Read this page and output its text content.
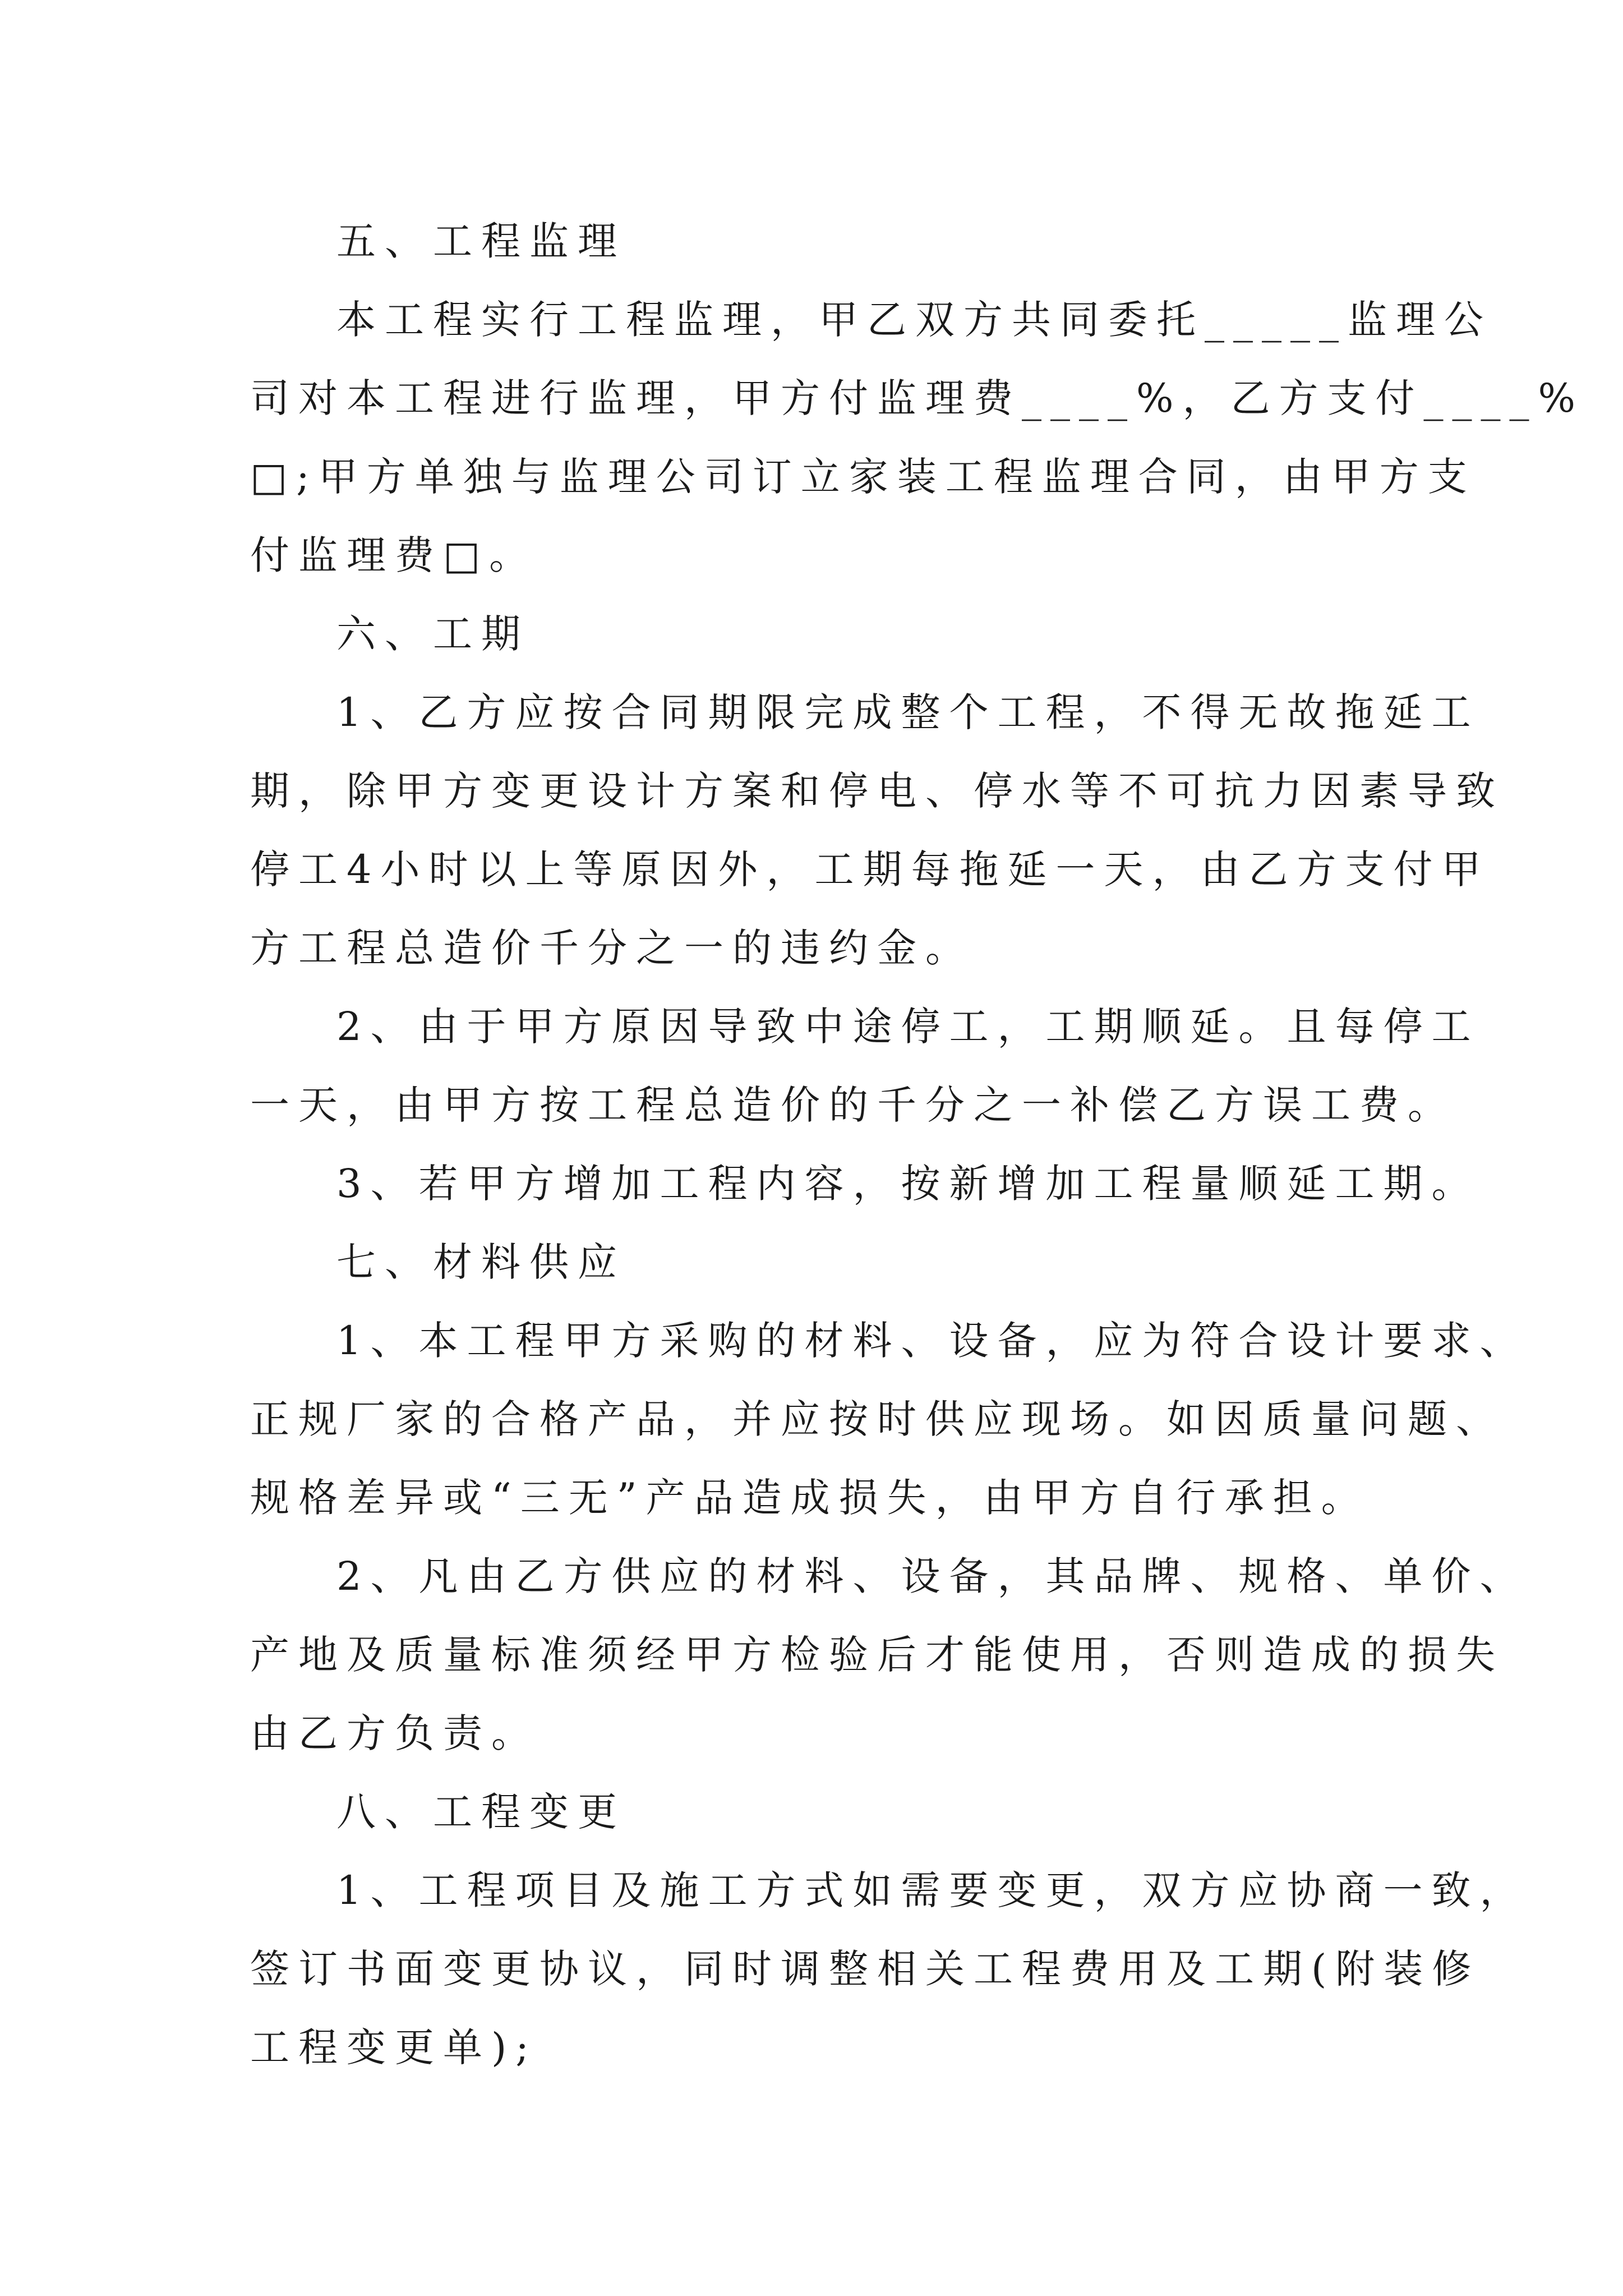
五、工程监理
本工程实行工程监理，甲乙双方共同委托_____监理公
司对本工程进行监理，甲方付监理费____%，乙方支付____%
□;甲方单独与监理公司订立家装工程监理合同，由甲方支
付监理费□。
六、工期
1、乙方应按合同期限完成整个工程，不得无故拖延工
期，除甲方变更设计方案和停电、停水等不可抗力因素导致
停工4小时以上等原因外，工期每拖延一天，由乙方支付甲
方工程总造价千分之一的违约金。
2、由于甲方原因导致中途停工，工期顺延。且每停工
一天，由甲方按工程总造价的千分之一补偿乙方误工费。
3、若甲方增加工程内容，按新增加工程量顺延工期。
七、材料供应
1、本工程甲方采购的材料、设备，应为符合设计要求、
正规厂家的合格产品，并应按时供应现场。如因质量问题、
规格差异或“三无”产品造成损失，由甲方自行承担。
2、凡由乙方供应的材料、设备，其品牌、规格、单价、
产地及质量标准须经甲方检验后才能使用，否则造成的损失
由乙方负责。
八、工程变更
1、工程项目及施工方式如需要变更，双方应协商一致，
签订书面变更协议，同时调整相关工程费用及工期(附装修
工程变更单);
